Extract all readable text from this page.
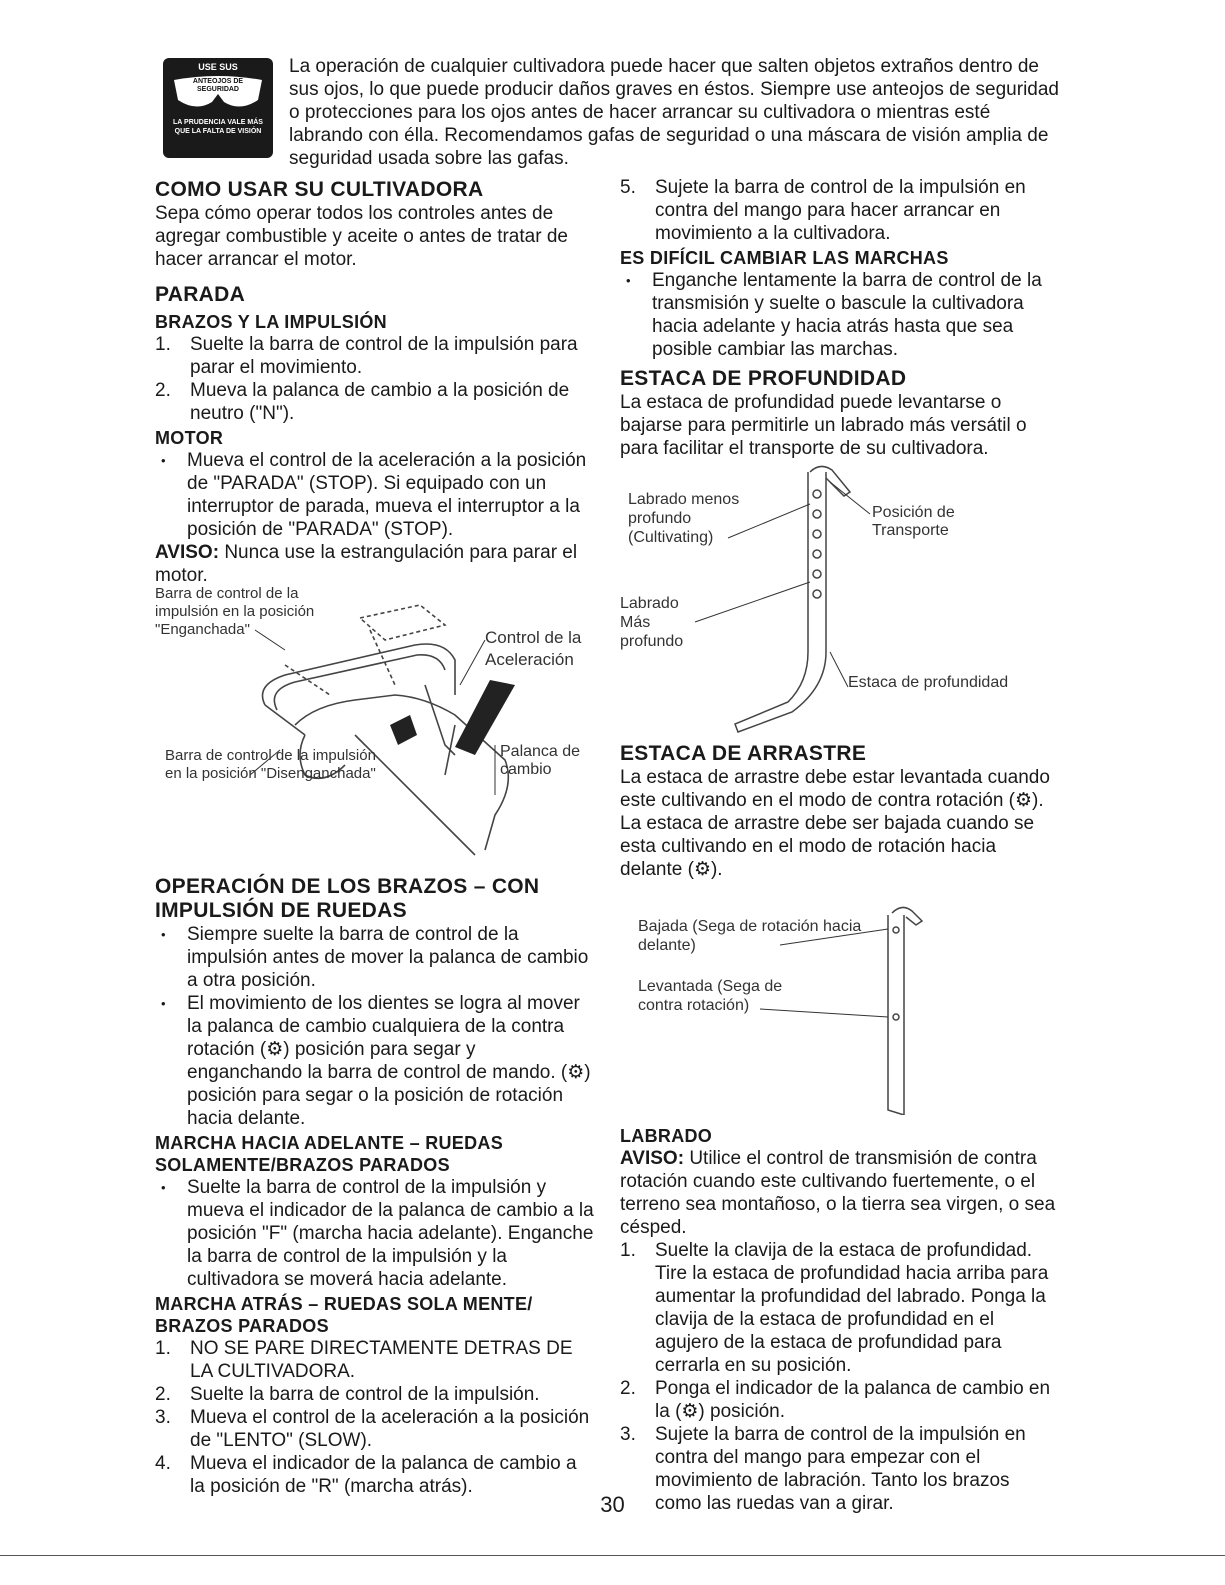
USE SUS
ANTEOJOS DE SEGURIDAD
LA PRUDENCIA VALE MÁS QUE LA FALTA DE VISIÓN
La operación de cualquier cultivadora puede hacer que salten objetos extraños dentro de sus ojos, lo que puede producir daños graves en éstos. Siempre use anteojos de seguridad o protecciones para los ojos antes de hacer arrancar su cultivadora o mientras esté labrando con élla. Recomendamos gafas de seguridad o una máscara de visión amplia de seguridad usada sobre las gafas.
COMO USAR SU CULTIVADORA
Sepa cómo operar todos los controles antes de agregar combustible y aceite o antes de tratar de hacer arrancar el motor.
PARADA
BRAZOS Y LA IMPULSIÓN
1. Suelte la barra de control de la impulsión para parar el movimiento.
2. Mueva la palanca de cambio a la posición de neutro ("N").
MOTOR
• Mueva el control de la aceleración a la posición de "PARADA" (STOP). Si equipado con un interruptor de parada, mueva el interruptor a la posición de "PARADA" (STOP).
AVISO: Nunca use la estrangulación para parar el motor.
Barra de control de la impulsión en la posición "Enganchada"	Control de la Aceleración
Barra de control de la impulsión en la posición "Disenganchada"
Palanca de cambio
OPERACIÓN DE LOS BRAZOS – CON IMPULSIÓN DE RUEDAS
• Siempre suelte la barra de control de la impulsión antes de mover la palanca de cambio a otra posición.
• El movimiento de los dientes se logra al mover la palanca de cambio cualquiera de la contra rotación (⚙) posición para segar y enganchando la barra de control de mando. (⚙) posición para segar o la posición de rotación hacia delante.
MARCHA HACIA ADELANTE – RUEDAS SOLAMENTE/BRAZOS PARADOS
• Suelte la barra de control de la impulsión y mueva el indicador de la palanca de cambio a la posición "F" (marcha hacia adelante). Enganche la barra de control de la impulsión y la cultivadora se moverá hacia adelante.
MARCHA ATRÁS – RUEDAS SOLA MENTE/ BRAZOS PARADOS
1. NO SE PARE DIRECTAMENTE DETRAS DE LA CULTIVADORA.
2. Suelte la barra de control de la impulsión.
3. Mueva el control de la aceleración a la posición de "LENTO" (SLOW).
4. Mueva el indicador de la palanca de cambio a la posición de "R" (marcha atrás).
5. Sujete la barra de control de la impulsión en contra del mango para hacer arrancar en movimiento a la cultivadora.
ES DIFÍCIL CAMBIAR LAS MARCHAS
• Enganche lentamente la barra de control de la transmisión y suelte o bascule la cultivadora hacia adelante y hacia atrás hasta que sea posible cambiar las marchas.
ESTACA DE PROFUNDIDAD
La estaca de profundidad puede levantarse o bajarse para permitirle un labrado más versátil o para facilitar el transporte de su cultivadora.
Labrado menos profundo (Cultivating)
Posición de Transporte
Labrado Más profundo
Estaca de profundidad
ESTACA DE ARRASTRE
La estaca de arrastre debe estar levantada cuando este cultivando en el modo de contra rotación (⚙).
La estaca de arrastre debe ser bajada cuando se esta cultivando en el modo de rotación hacia delante (⚙).
Bajada (Sega de rotación hacia delante)
Levantada (Sega de contra rotación)
LABRADO
AVISO: Utilice el control de transmisión de contra rotación cuando este cultivando fuertemente, o el terreno sea montañoso, o la tierra sea virgen, o sea césped.
1. Suelte la clavija de la estaca de profundidad. Tire la estaca de profundidad hacia arriba para aumentar la profundidad del labrado. Ponga la clavija de la estaca de profundidad en el agujero de la estaca de profundidad para cerrarla en su posición.
2. Ponga el indicador de la palanca de cambio en la (⚙) posición.
3. Sujete la barra de control de la impulsión en contra del mango para empezar con el movimiento de labración. Tanto los brazos como las ruedas van a girar.
30
